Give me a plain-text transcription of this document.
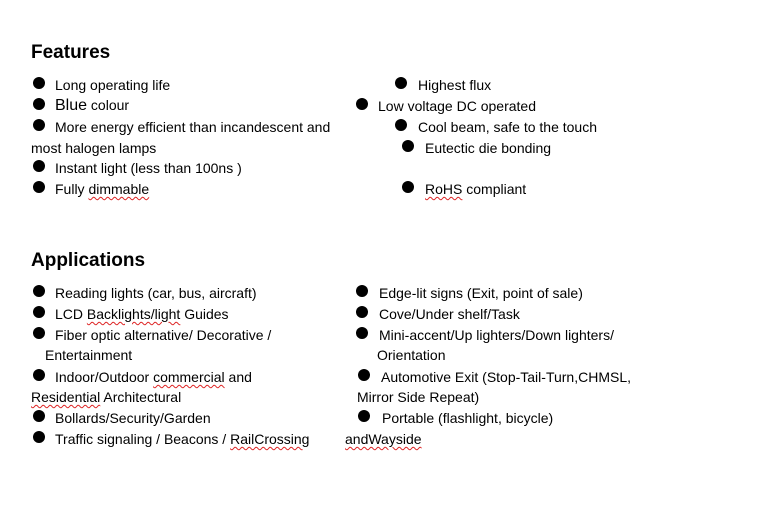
Features
Long operating life
Blue colour
More energy efficient than incandescent and
most halogen lamps
Instant light (less than 100ns )
Fully dimmable
Highest flux
Low voltage DC operated
Cool beam, safe to the touch
Eutectic die bonding
RoHS compliant
Applications
Reading lights (car, bus, aircraft)
LCD Backlights/light Guides
Fiber optic alternative/ Decorative /
Entertainment
Indoor/Outdoor commercial and
Residential Architectural
Bollards/Security/Garden
Traffic signaling / Beacons / RailCrossing
Edge-lit signs (Exit, point of sale)
Cove/Under shelf/Task
Mini-accent/Up lighters/Down lighters/
Orientation
Automotive Exit (Stop-Tail-Turn,CHMSL,
Mirror Side Repeat)
Portable (flashlight, bicycle)
andWayside
